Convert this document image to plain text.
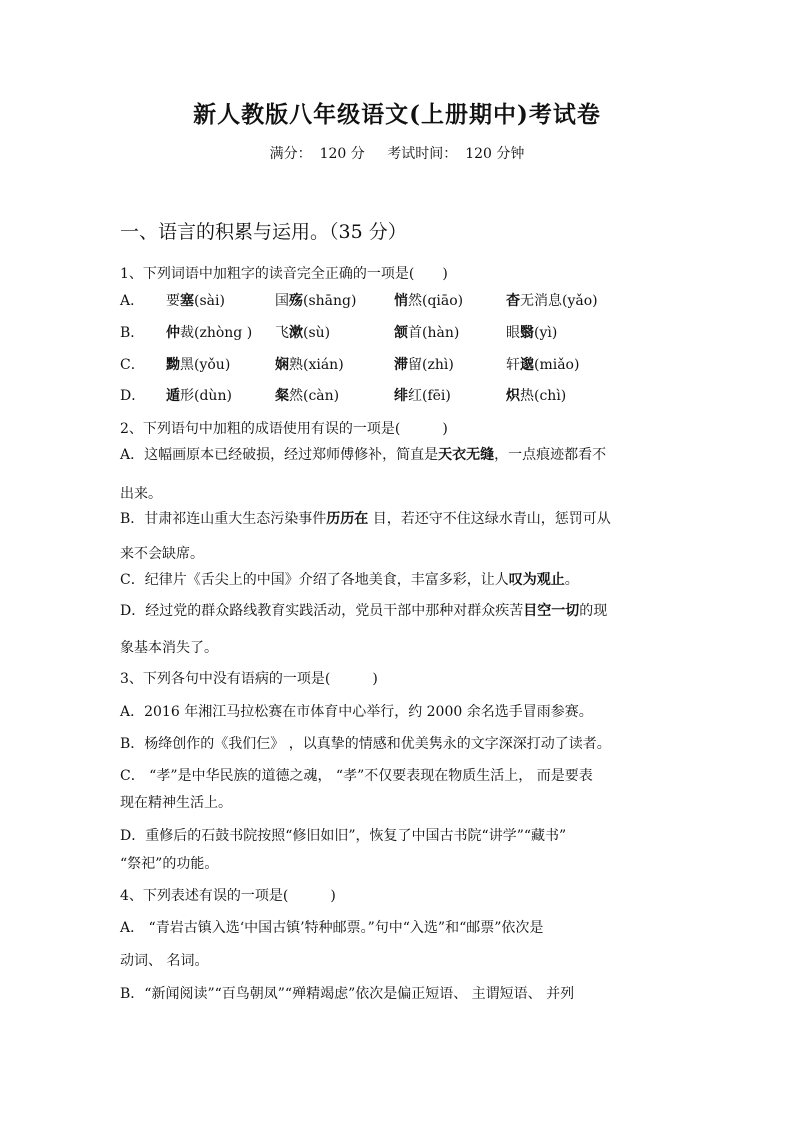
新人教版八年级语文(上册期中)考试卷
满分： 120 分 考试时间： 120 分钟
一、语言的积累与运用。（35 分）
1、下列词语中加粗字的读音完全正确的一项是(　　)
A． 要塞(sài)	国殇(shāng)	悄然(qiāo)	杳无消息(yǎo)
B． 仲裁(zhòng ) 飞漱(sù)	颔首(hàn)	眼翳(yì)
C． 黝黑(yǒu)	娴熟(xián)	滞留(zhì)	轩邈(miǎo)
D． 遁形(dùn)	粲然(càn)	绯红(fēi)	炽热(chì)
2、下列语句中加粗的成语使用有误的一项是(　　　)
A．这幅画原本已经破损，经过郑师傅修补，简直是天衣无缝，一点痕迹都看不
出来。
B．甘肃祁连山重大生态污染事件历历在 目，若还守不住这绿水青山，惩罚可从
来不会缺席。
C．纪律片《舌尖上的中国》介绍了各地美食，丰富多彩，让人叹为观止。
D．经过党的群众路线教育实践活动，党员干部中那种对群众疾苦目空一切的现
象基本消失了。
3、下列各句中没有语病的一项是(　　　)
A．2016 年湘江马拉松赛在市体育中心举行，约 2000 余名选手冒雨参赛。
B．杨绛创作的《我们仨》 ，以真挚的情感和优美隽永的文字深深打动了读者。
C． “孝”是中华民族的道德之魂， “孝”不仅要表现在物质生活上， 而是要表
现在精神生活上。
D．重修后的石鼓书院按照“修旧如旧”，恢复了中国古书院“讲学”“藏书”
“祭祀”的功能。
4、下列表述有误的一项是(　　　)
A． “青岩古镇入选‘中国古镇’特种邮票。”句中“入选”和“邮票”依次是
动词、 名词。
B．“新闻阅读”“百鸟朝凤”“殚精竭虑”依次是偏正短语、 主谓短语、 并列
